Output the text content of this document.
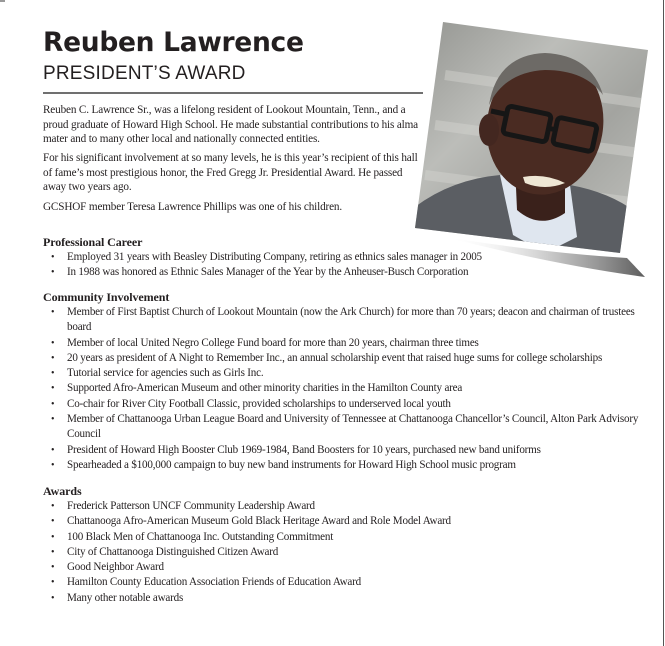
Reuben Lawrence
PRESIDENT’S AWARD

Reuben C. Lawrence Sr., was a lifelong resident of Lookout Mountain, Tenn., and a proud graduate of Howard High School. He made substantial contributions to his alma mater and to many other local and nationally connected entities.

For his significant involvement at so many levels, he is this year’s recipient of this hall of fame’s most prestigious honor, the Fred Gregg Jr. Presidential Award. He passed away two years ago.

GCSHOF member Teresa Lawrence Phillips was one of his children.

Professional Career
• Employed 31 years with Beasley Distributing Company, retiring as ethnics sales manager in 2005
• In 1988 was honored as Ethnic Sales Manager of the Year by the Anheuser-Busch Corporation
Community Involvement
• Member of First Baptist Church of Lookout Mountain (now the Ark Church) for more than 70 years; deacon and chairman of trustees board
• Member of local United Negro College Fund board for more than 20 years, chairman three times
• 20 years as president of A Night to Remember Inc., an annual scholarship event that raised huge sums for college scholarships
• Tutorial service for agencies such as Girls Inc.
• Supported Afro-American Museum and other minority charities in the Hamilton County area
• Co-chair for River City Football Classic, provided scholarships to underserved local youth
• Member of Chattanooga Urban League Board and University of Tennessee at Chattanooga Chancellor’s Council, Alton Park Advisory Council
• President of Howard High Booster Club 1969-1984, Band Boosters for 10 years, purchased new band uniforms
• Spearheaded a $100,000 campaign to buy new band instruments for Howard High School music program
Awards
• Frederick Patterson UNCF Community Leadership Award
• Chattanooga Afro-American Museum Gold Black Heritage Award and Role Model Award
• 100 Black Men of Chattanooga Inc. Outstanding Commitment
• City of Chattanooga Distinguished Citizen Award
• Good Neighbor Award
• Hamilton County Education Association Friends of Education Award
• Many other notable awards
